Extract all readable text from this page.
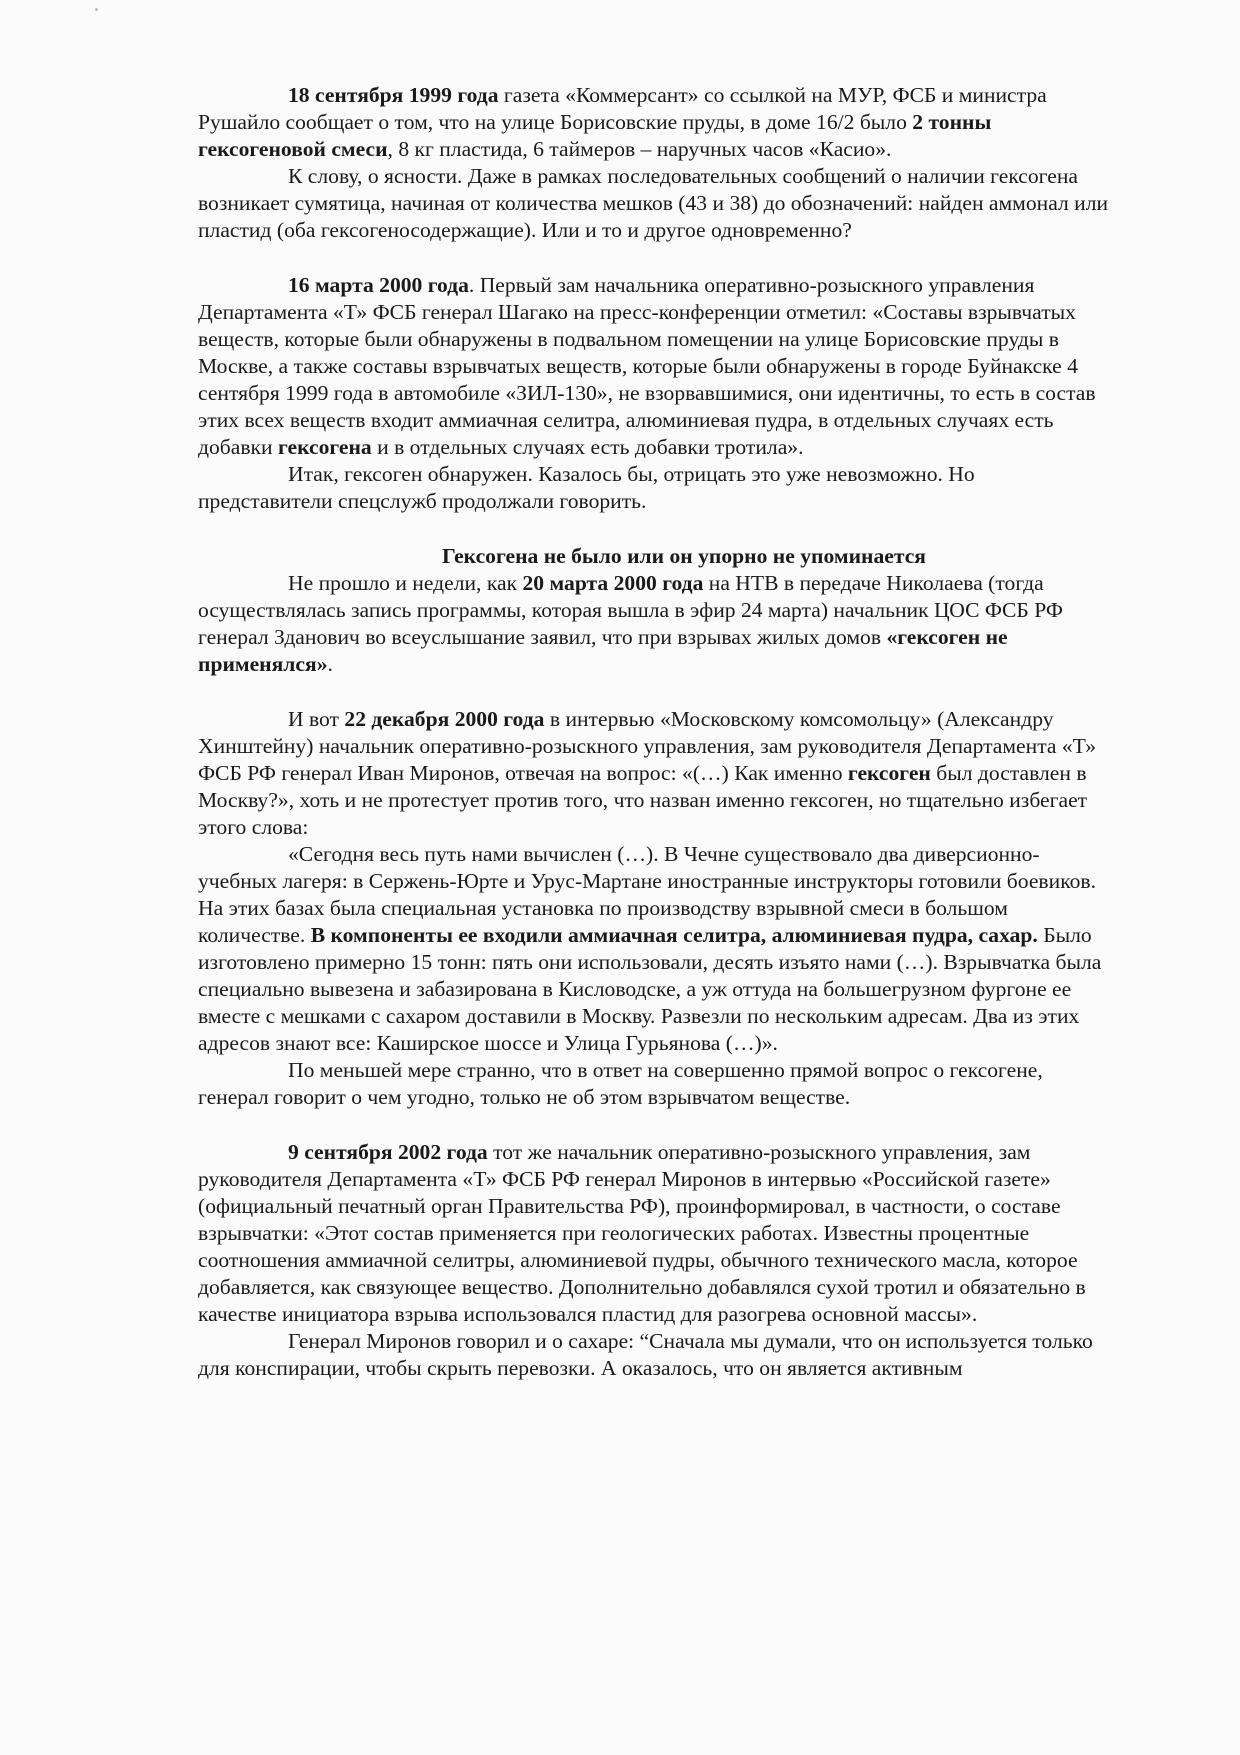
18 сентября 1999 года газета «Коммерсант» со ссылкой на МУР, ФСБ и министра Рушайло сообщает о том, что на улице Борисовские пруды, в доме 16/2 было 2 тонны гексогеновой смеси, 8 кг пластида, 6 таймеров – наручных часов «Касио».

К слову, о ясности. Даже в рамках последовательных сообщений о наличии гексогена возникает сумятица, начиная от количества мешков (43 и 38) до обозначений: найден аммонал или пластид (оба гексогеносодержащие). Или и то и другое одновременно?

16 марта 2000 года. Первый зам начальника оперативно-розыскного управления Департамента «Т» ФСБ генерал Шагако на пресс-конференции отметил: «Составы взрывчатых веществ, которые были обнаружены в подвальном помещении на улице Борисовские пруды в Москве, а также составы взрывчатых веществ, которые были обнаружены в городе Буйнакске 4 сентября 1999 года в автомобиле «ЗИЛ-130», не взорвавшимися, они идентичны, то есть в состав этих всех веществ входит аммиачная селитра, алюминиевая пудра, в отдельных случаях есть добавки гексогена и в отдельных случаях есть добавки тротила».

Итак, гексоген обнаружен. Казалось бы, отрицать это уже невозможно. Но представители спецслужб продолжали говорить.

Гексогена не было или он упорно не упоминается

Не прошло и недели, как 20 марта 2000 года на НТВ в передаче Николаева (тогда осуществлялась запись программы, которая вышла в эфир 24 марта) начальник ЦОС ФСБ РФ генерал Зданович во всеуслышание заявил, что при взрывах жилых домов «гексоген не применялся».

И вот 22 декабря 2000 года в интервью «Московскому комсомольцу» (Александру Хинштейну) начальник оперативно-розыскного управления, зам руководителя Департамента «Т» ФСБ РФ генерал Иван Миронов, отвечая на вопрос: «(…) Как именно гексоген был доставлен в Москву?», хоть и не протестует против того, что назван именно гексоген, но тщательно избегает этого слова:

«Сегодня весь путь нами вычислен (…). В Чечне существовало два диверсионно-учебных лагеря: в Сержень-Юрте и Урус-Мартане иностранные инструкторы готовили боевиков. На этих базах была специальная установка по производству взрывной смеси в большом количестве. В компоненты ее входили аммиачная селитра, алюминиевая пудра, сахар. Было изготовлено примерно 15 тонн: пять они использовали, десять изъято нами (…). Взрывчатка была специально вывезена и забазирована в Кисловодске, а уж оттуда на большегрузном фургоне ее вместе с мешками с сахаром доставили в Москву. Развезли по нескольким адресам. Два из этих адресов знают все: Каширское шоссе и Улица Гурьянова (…)».

По меньшей мере странно, что в ответ на совершенно прямой вопрос о гексогене, генерал говорит о чем угодно, только не об этом взрывчатом веществе.

9 сентября 2002 года тот же начальник оперативно-розыскного управления, зам руководителя Департамента «Т» ФСБ РФ генерал Миронов в интервью «Российской газете» (официальный печатный орган Правительства РФ), проинформировал, в частности, о составе взрывчатки: «Этот состав применяется при геологических работах. Известны процентные соотношения аммиачной селитры, алюминиевой пудры, обычного технического масла, которое добавляется, как связующее вещество. Дополнительно добавлялся сухой тротил и обязательно в качестве инициатора взрыва использовался пластид для разогрева основной массы».

Генерал Миронов говорил и о сахаре: “Сначала мы думали, что он используется только для конспирации, чтобы скрыть перевозки. А оказалось, что он является активным
